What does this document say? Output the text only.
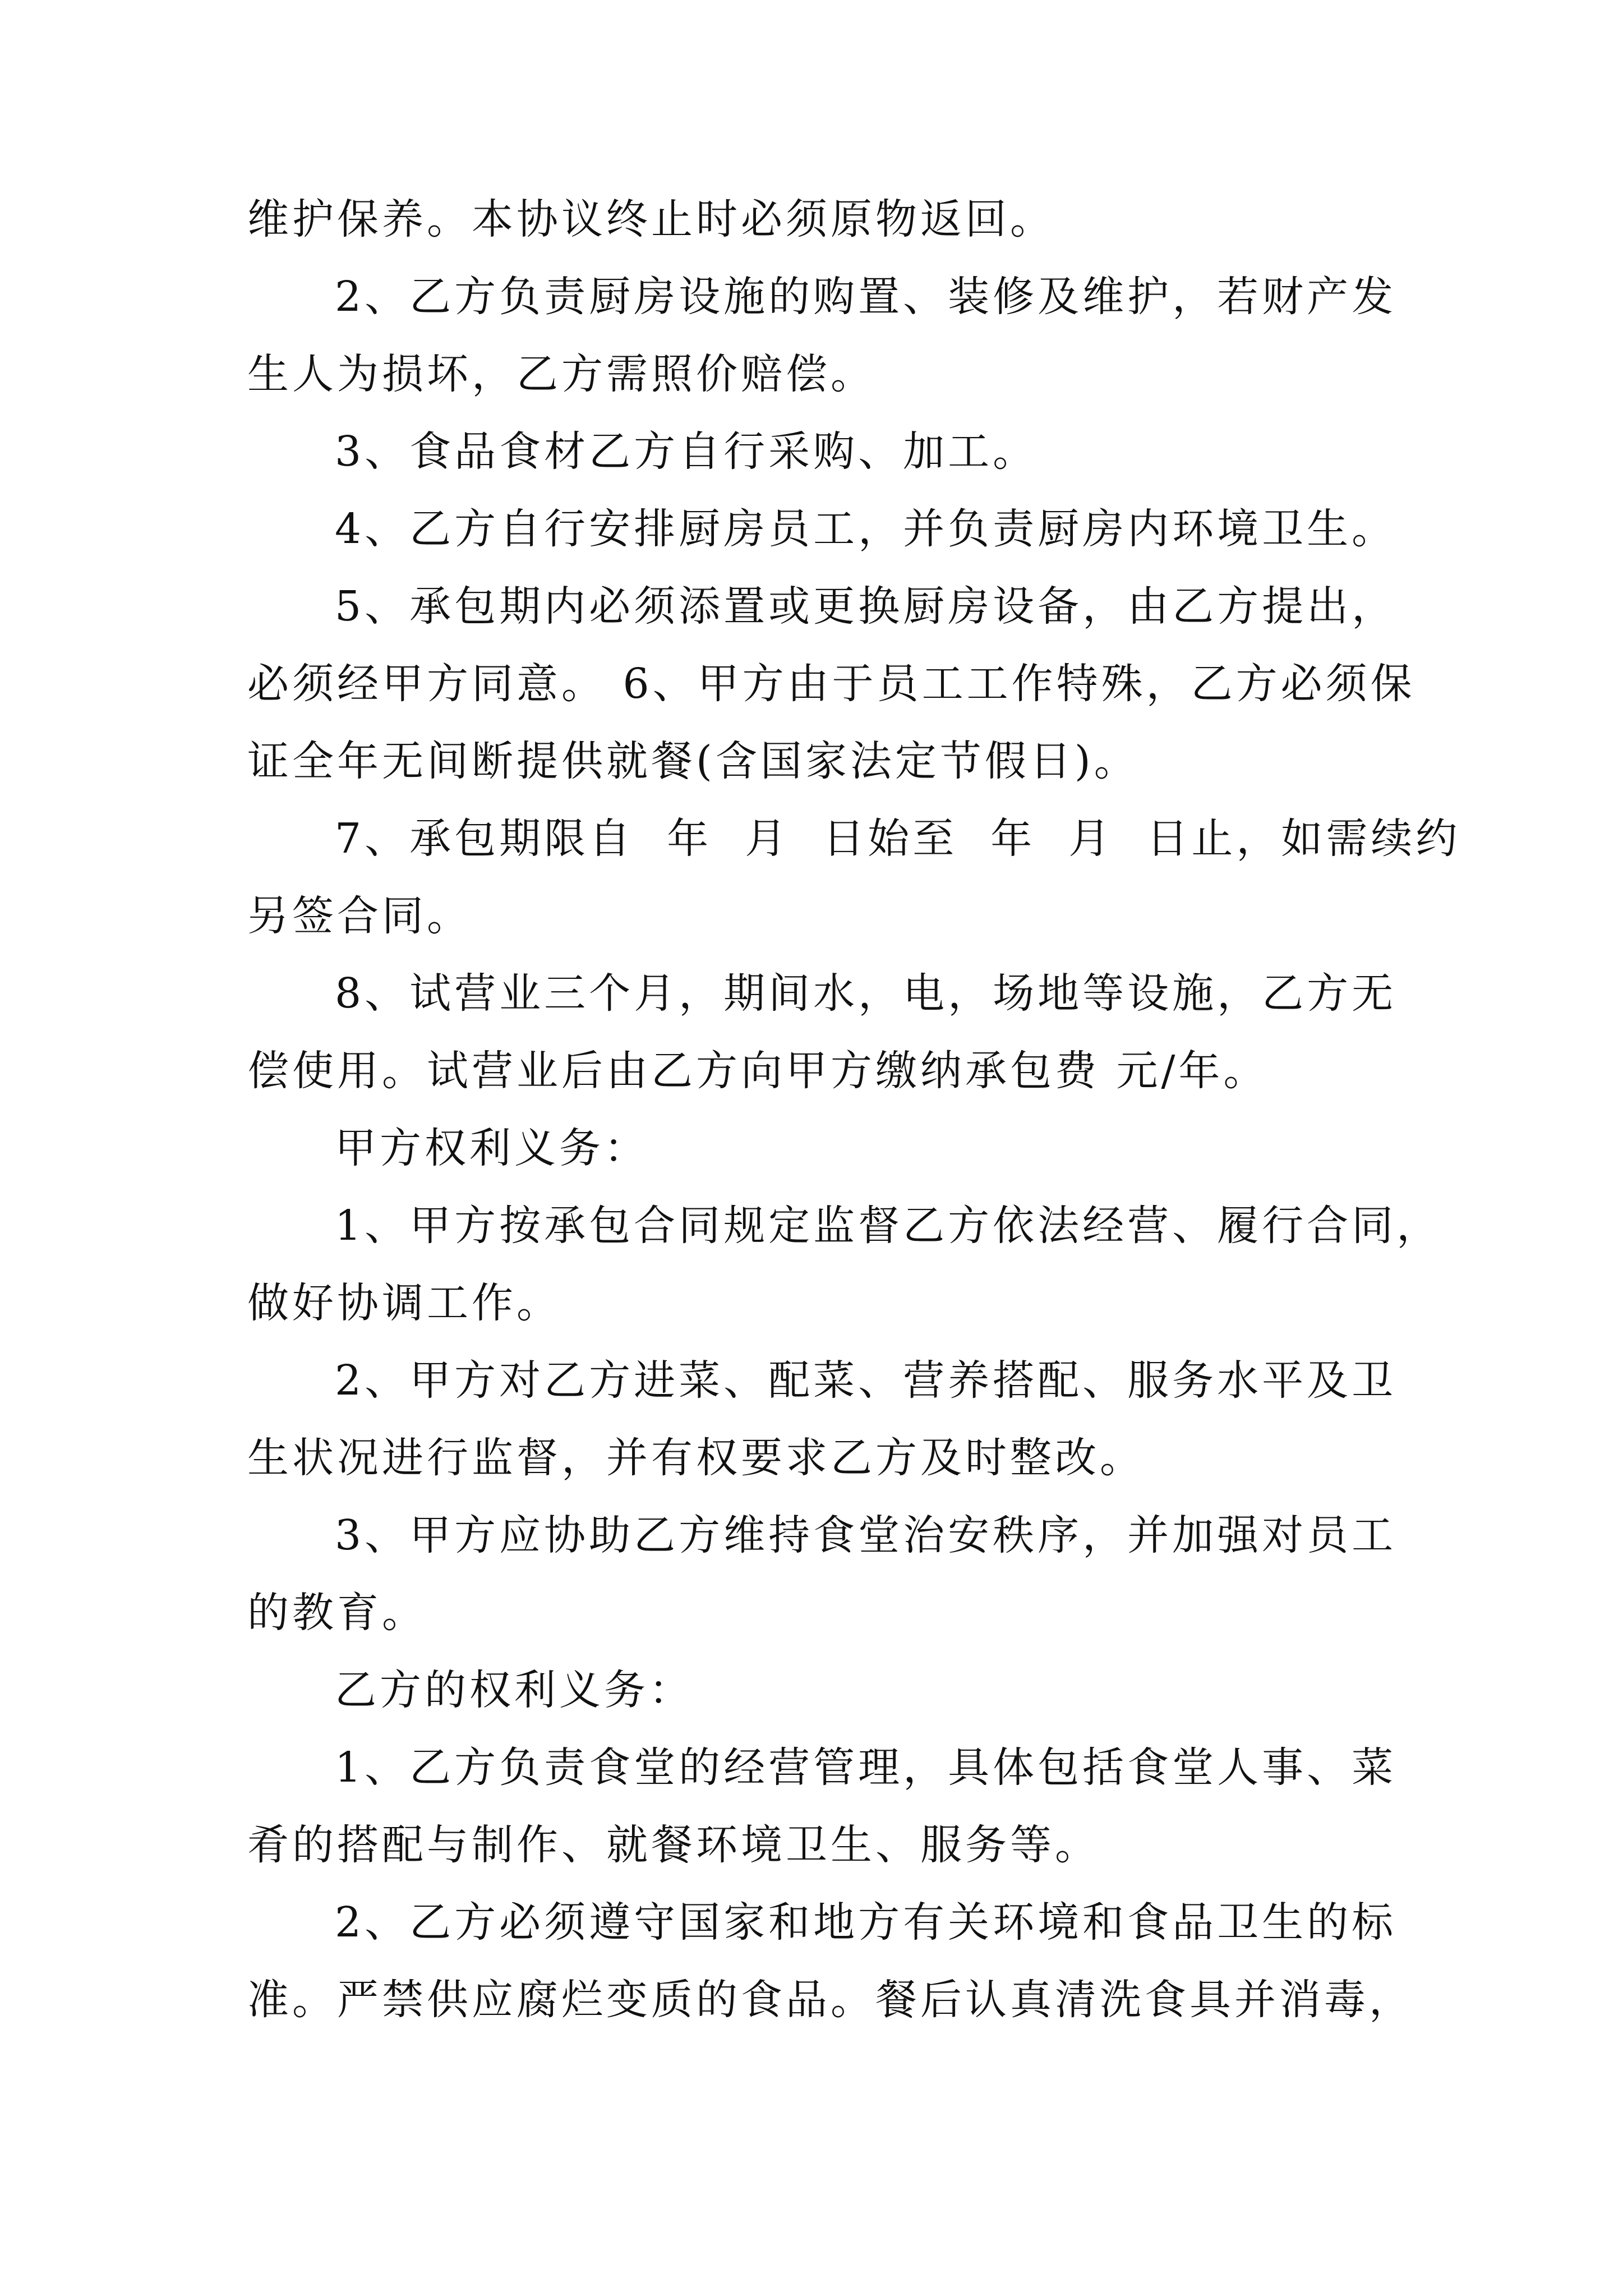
维护保养。本协议终止时必须原物返回。
2、乙方负责厨房设施的购置、装修及维护，若财产发
生人为损坏，乙方需照价赔偿。
3、食品食材乙方自行采购、加工。
4、乙方自行安排厨房员工，并负责厨房内环境卫生。
5、承包期内必须添置或更换厨房设备，由乙方提出，
必须经甲方同意。 6、甲方由于员工工作特殊，乙方必须保
证全年无间断提供就餐(含国家法定节假日)。
7、承包期限自  年  月  日始至  年  月  日止，如需续约
另签合同。
8、试营业三个月，期间水，电，场地等设施，乙方无
偿使用。试营业后由乙方向甲方缴纳承包费 元/年。
甲方权利义务：
1、甲方按承包合同规定监督乙方依法经营、履行合同，
做好协调工作。
2、甲方对乙方进菜、配菜、营养搭配、服务水平及卫
生状况进行监督，并有权要求乙方及时整改。
3、甲方应协助乙方维持食堂治安秩序，并加强对员工
的教育。
乙方的权利义务：
1、乙方负责食堂的经营管理，具体包括食堂人事、菜
肴的搭配与制作、就餐环境卫生、服务等。
2、乙方必须遵守国家和地方有关环境和食品卫生的标
准。严禁供应腐烂变质的食品。餐后认真清洗食具并消毒，
